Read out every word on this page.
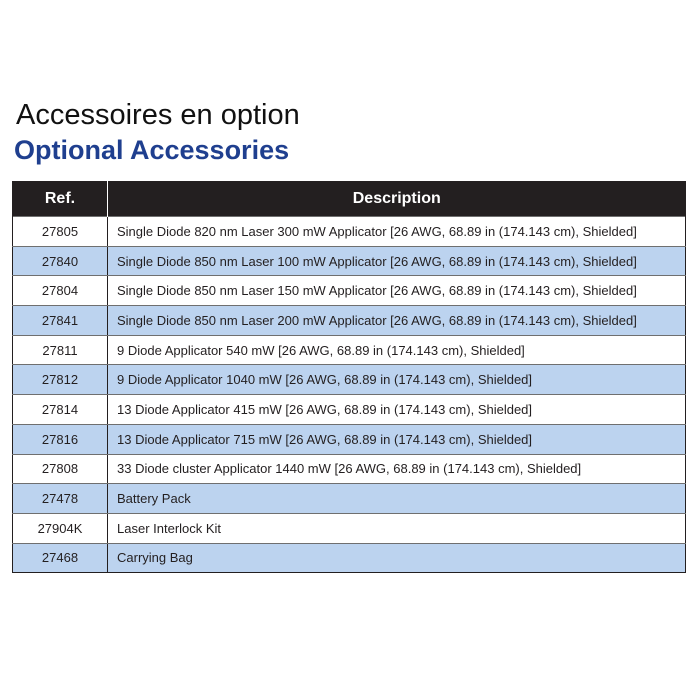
Accessoires en option
Optional Accessories
Ref.	Description
27805	Single Diode 820 nm Laser 300 mW Applicator [26 AWG, 68.89 in (174.143 cm), Shielded]
27840	Single Diode 850 nm Laser 100 mW Applicator [26 AWG, 68.89 in (174.143 cm), Shielded]
27804	Single Diode 850 nm Laser 150 mW Applicator [26 AWG, 68.89 in (174.143 cm), Shielded]
27841	Single Diode 850 nm Laser 200 mW Applicator [26 AWG, 68.89 in (174.143 cm), Shielded]
27811	9 Diode Applicator 540 mW [26 AWG, 68.89 in (174.143 cm), Shielded]
27812	9 Diode Applicator 1040 mW [26 AWG, 68.89 in (174.143 cm), Shielded]
27814	13 Diode Applicator 415 mW [26 AWG, 68.89 in (174.143 cm), Shielded]
27816	13 Diode Applicator 715 mW [26 AWG, 68.89 in (174.143 cm), Shielded]
27808	33 Diode cluster Applicator 1440 mW [26 AWG, 68.89 in (174.143 cm), Shielded]
27478	Battery Pack
27904K	Laser Interlock Kit
27468	Carrying Bag
